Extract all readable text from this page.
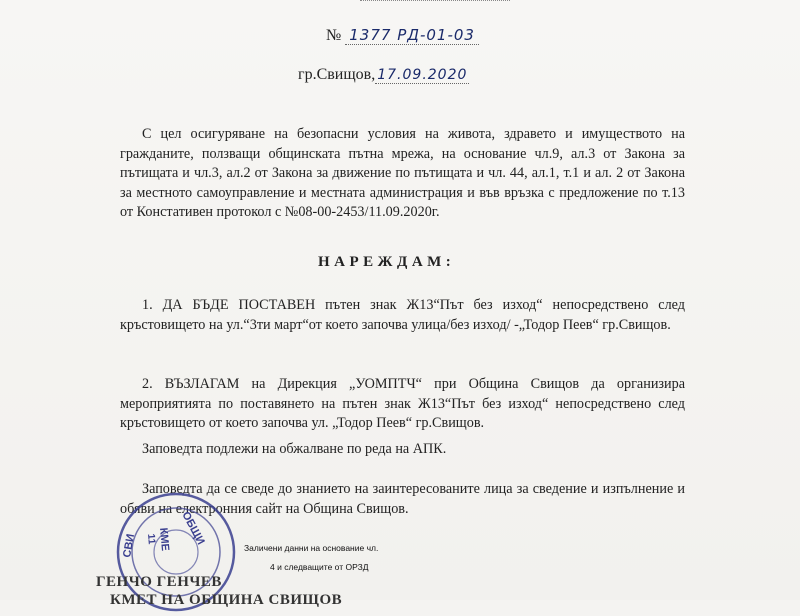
№ 1377 РД-01-03
гр.Свищов, 17.09.2020
С цел осигуряване на безопасни условия на живота, здравето и имуществото на гражданите, ползващи общинската пътна мрежа, на основание чл.9, ал.3 от Закона за пътищата и чл.3, ал.2 от Закона за движение по пътищата и чл. 44, ал.1, т.1 и ал. 2 от Закона за местното самоуправление и местната администрация и във връзка с предложение по т.13 от Констативен протокол с №08-00-2453/11.09.2020г.
НАРЕЖДАМ:
1. ДА БЪДЕ ПОСТАВЕН пътен знак Ж13“Път без изход“ непосредствено след кръстовището на ул.“3ти март“от което започва улица/без изход/ -„Тодор Пеев“ гр.Свищов.
2. ВЪЗЛАГАМ на Дирекция „УОМПТЧ“ при Община Свищов да организира мероприятията по поставянето на пътен знак Ж13“Път без изход“ непосредствено след кръстовището от което започва ул. „Тодор Пеев“ гр.Свищов.
Заповедта подлежи на обжалване по реда на АПК.
Заповедта да се сведе до знанието на заинтересованите лица за сведение и изпълнение и обяви на електронния сайт на Община Свищов.
ОБЩИ
СВИ КМЕ
11
Заличени данни на основание чл.
4 и следващите от ОРЗД
ГЕНЧО ГЕНЧЕВ
КМЕТ НА ОБЩИНА СВИЩОВ
